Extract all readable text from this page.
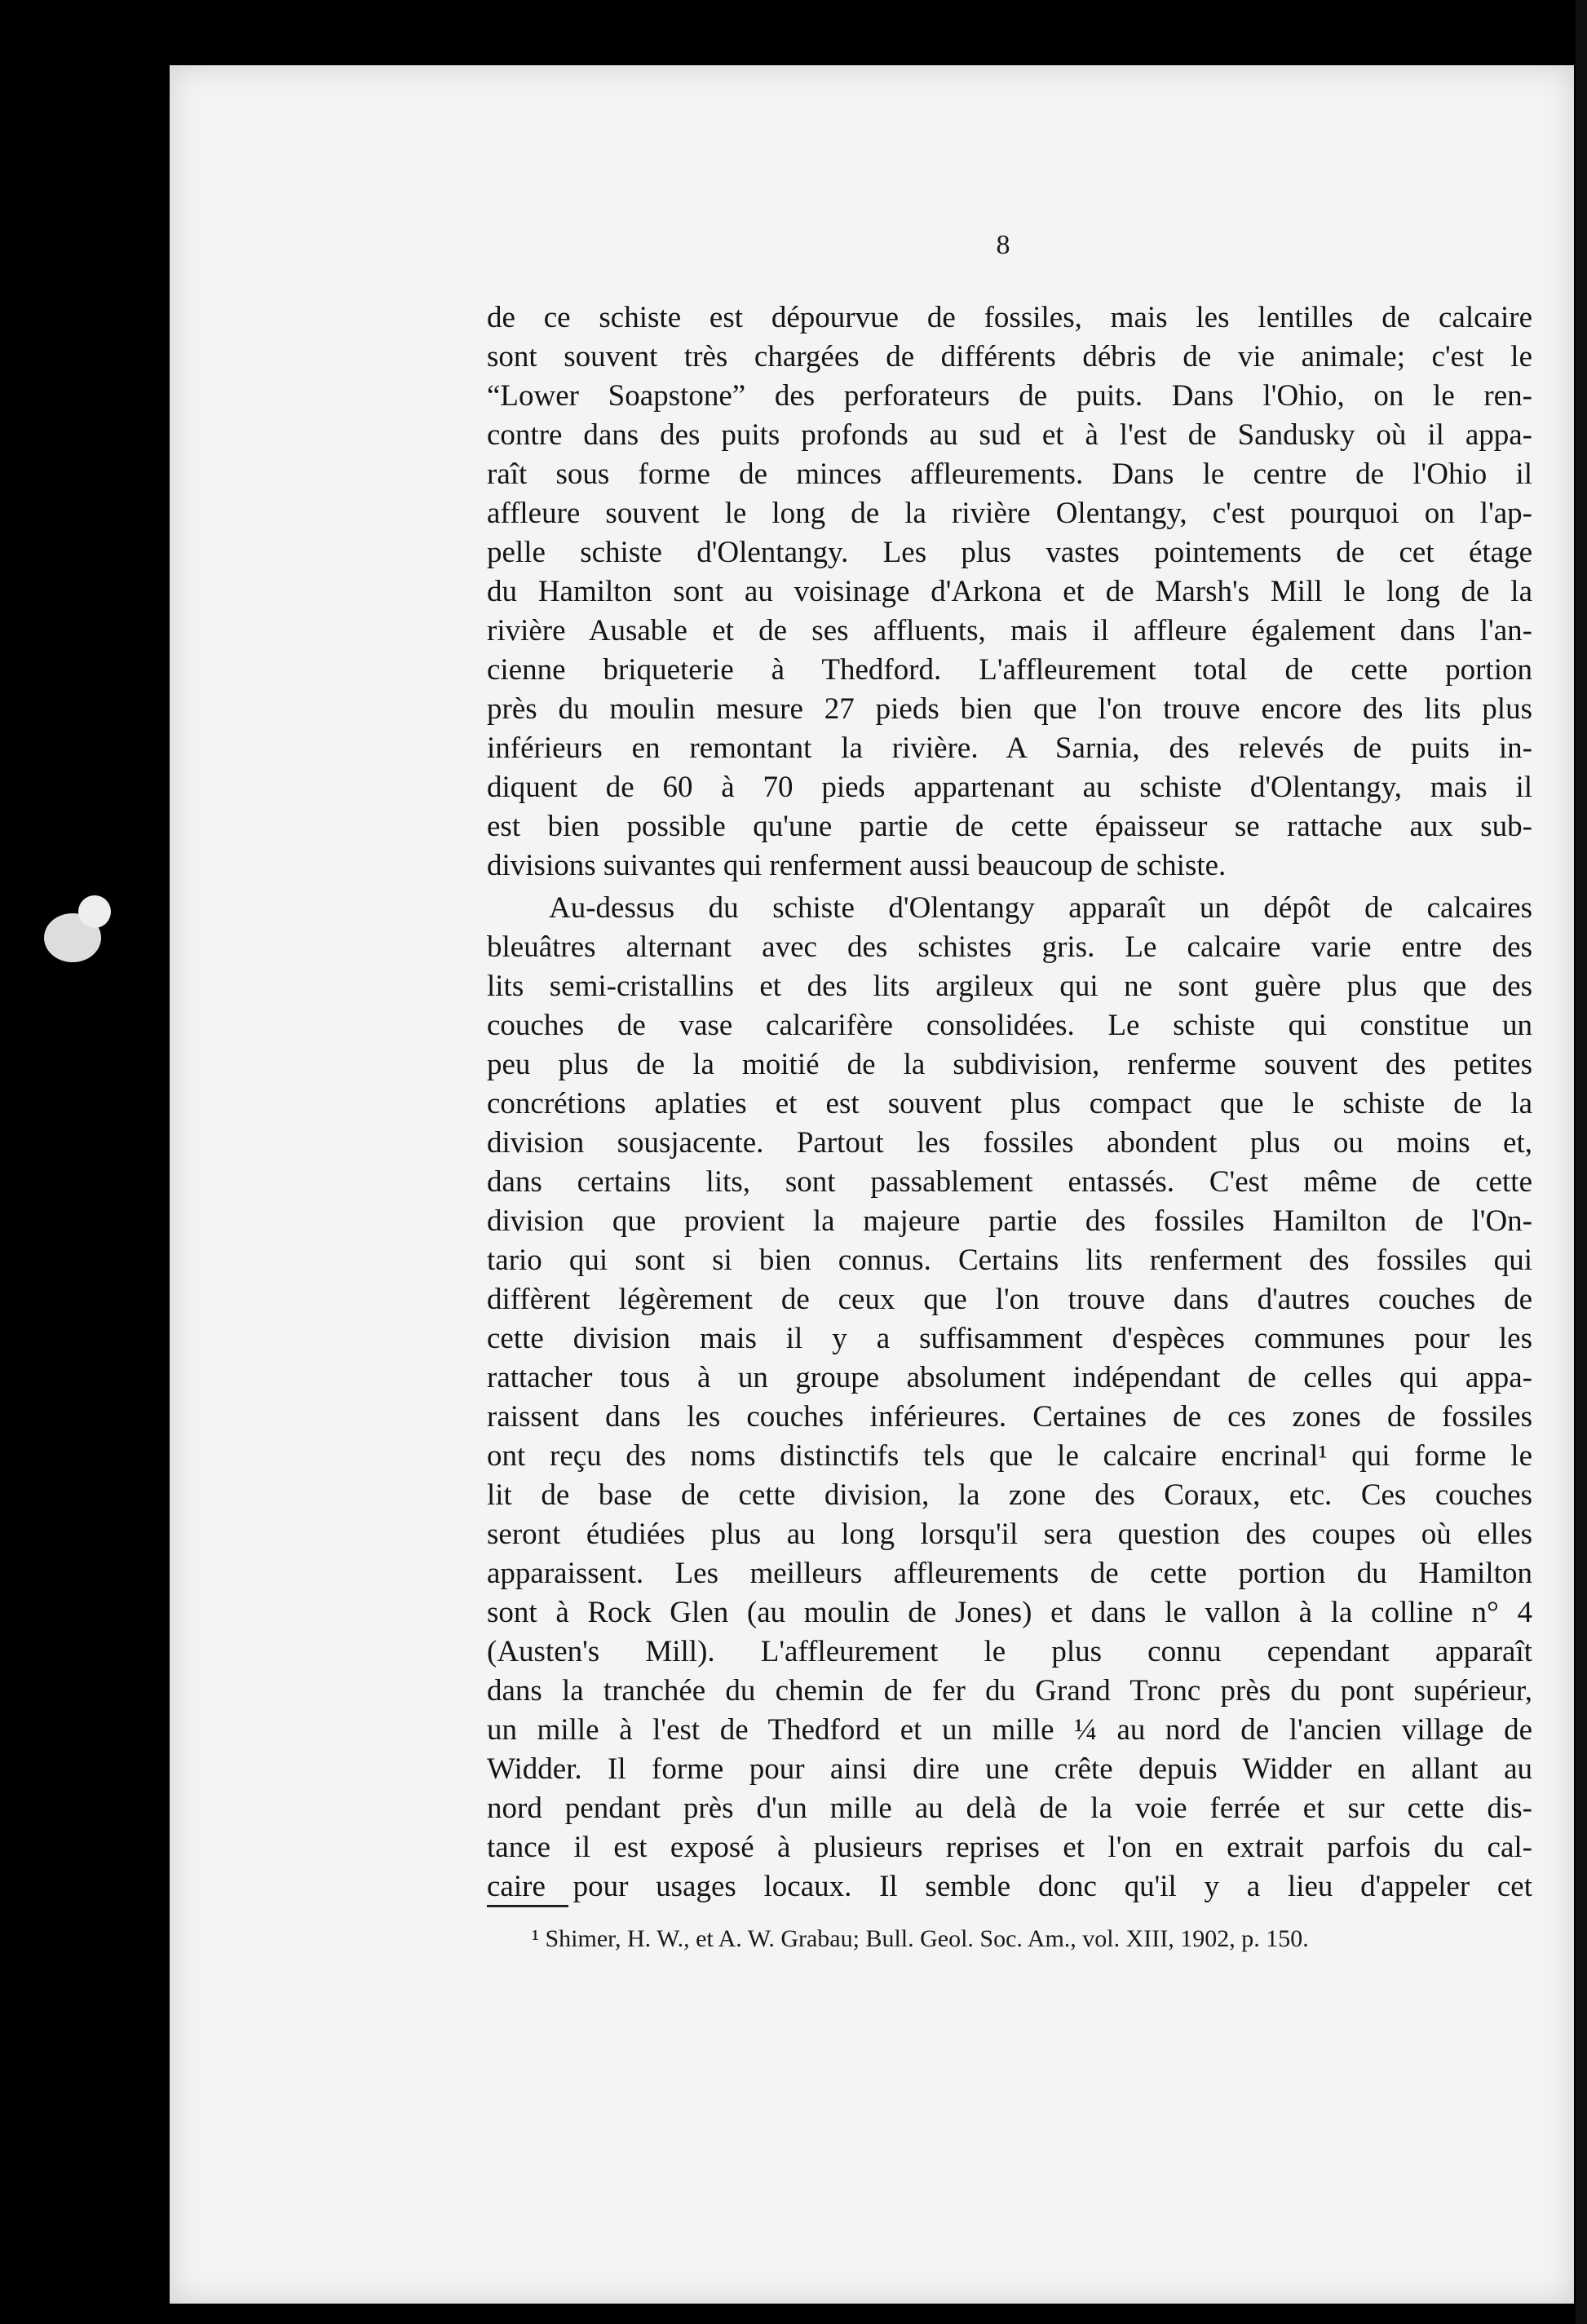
8
de ce schiste est dépourvue de fossiles, mais les lentilles de calcaire
sont souvent très chargées de différents débris de vie animale; c'est le
“Lower Soapstone” des perforateurs de puits. Dans l'Ohio, on le ren-
contre dans des puits profonds au sud et à l'est de Sandusky où il appa-
raît sous forme de minces affleurements. Dans le centre de l'Ohio il
affleure souvent le long de la rivière Olentangy, c'est pourquoi on l'ap-
pelle schiste d'Olentangy. Les plus vastes pointements de cet étage
du Hamilton sont au voisinage d'Arkona et de Marsh's Mill le long de la
rivière Ausable et de ses affluents, mais il affleure également dans l'an-
cienne briqueterie à Thedford. L'affleurement total de cette portion
près du moulin mesure 27 pieds bien que l'on trouve encore des lits plus
inférieurs en remontant la rivière. A Sarnia, des relevés de puits in-
diquent de 60 à 70 pieds appartenant au schiste d'Olentangy, mais il
est bien possible qu'une partie de cette épaisseur se rattache aux sub-
divisions suivantes qui renferment aussi beaucoup de schiste.
Au-dessus du schiste d'Olentangy apparaît un dépôt de calcaires
bleuâtres alternant avec des schistes gris. Le calcaire varie entre des
lits semi-cristallins et des lits argileux qui ne sont guère plus que des
couches de vase calcarifère consolidées. Le schiste qui constitue un
peu plus de la moitié de la subdivision, renferme souvent des petites
concrétions aplaties et est souvent plus compact que le schiste de la
division sousjacente. Partout les fossiles abondent plus ou moins et,
dans certains lits, sont passablement entassés. C'est même de cette
division que provient la majeure partie des fossiles Hamilton de l'On-
tario qui sont si bien connus. Certains lits renferment des fossiles qui
diffèrent légèrement de ceux que l'on trouve dans d'autres couches de
cette division mais il y a suffisamment d'espèces communes pour les
rattacher tous à un groupe absolument indépendant de celles qui appa-
raissent dans les couches inférieures. Certaines de ces zones de fossiles
ont reçu des noms distinctifs tels que le calcaire encrinal¹ qui forme le
lit de base de cette division, la zone des Coraux, etc. Ces couches
seront étudiées plus au long lorsqu'il sera question des coupes où elles
apparaissent. Les meilleurs affleurements de cette portion du Hamilton
sont à Rock Glen (au moulin de Jones) et dans le vallon à la colline n° 4
(Austen's Mill). L'affleurement le plus connu cependant apparaît
dans la tranchée du chemin de fer du Grand Tronc près du pont supérieur,
un mille à l'est de Thedford et un mille ¼ au nord de l'ancien village de
Widder. Il forme pour ainsi dire une crête depuis Widder en allant au
nord pendant près d'un mille au delà de la voie ferrée et sur cette dis-
tance il est exposé à plusieurs reprises et l'on en extrait parfois du cal-
caire pour usages locaux. Il semble donc qu'il y a lieu d'appeler cet
¹ Shimer, H. W., et A. W. Grabau; Bull. Geol. Soc. Am., vol. XIII, 1902, p. 150.
